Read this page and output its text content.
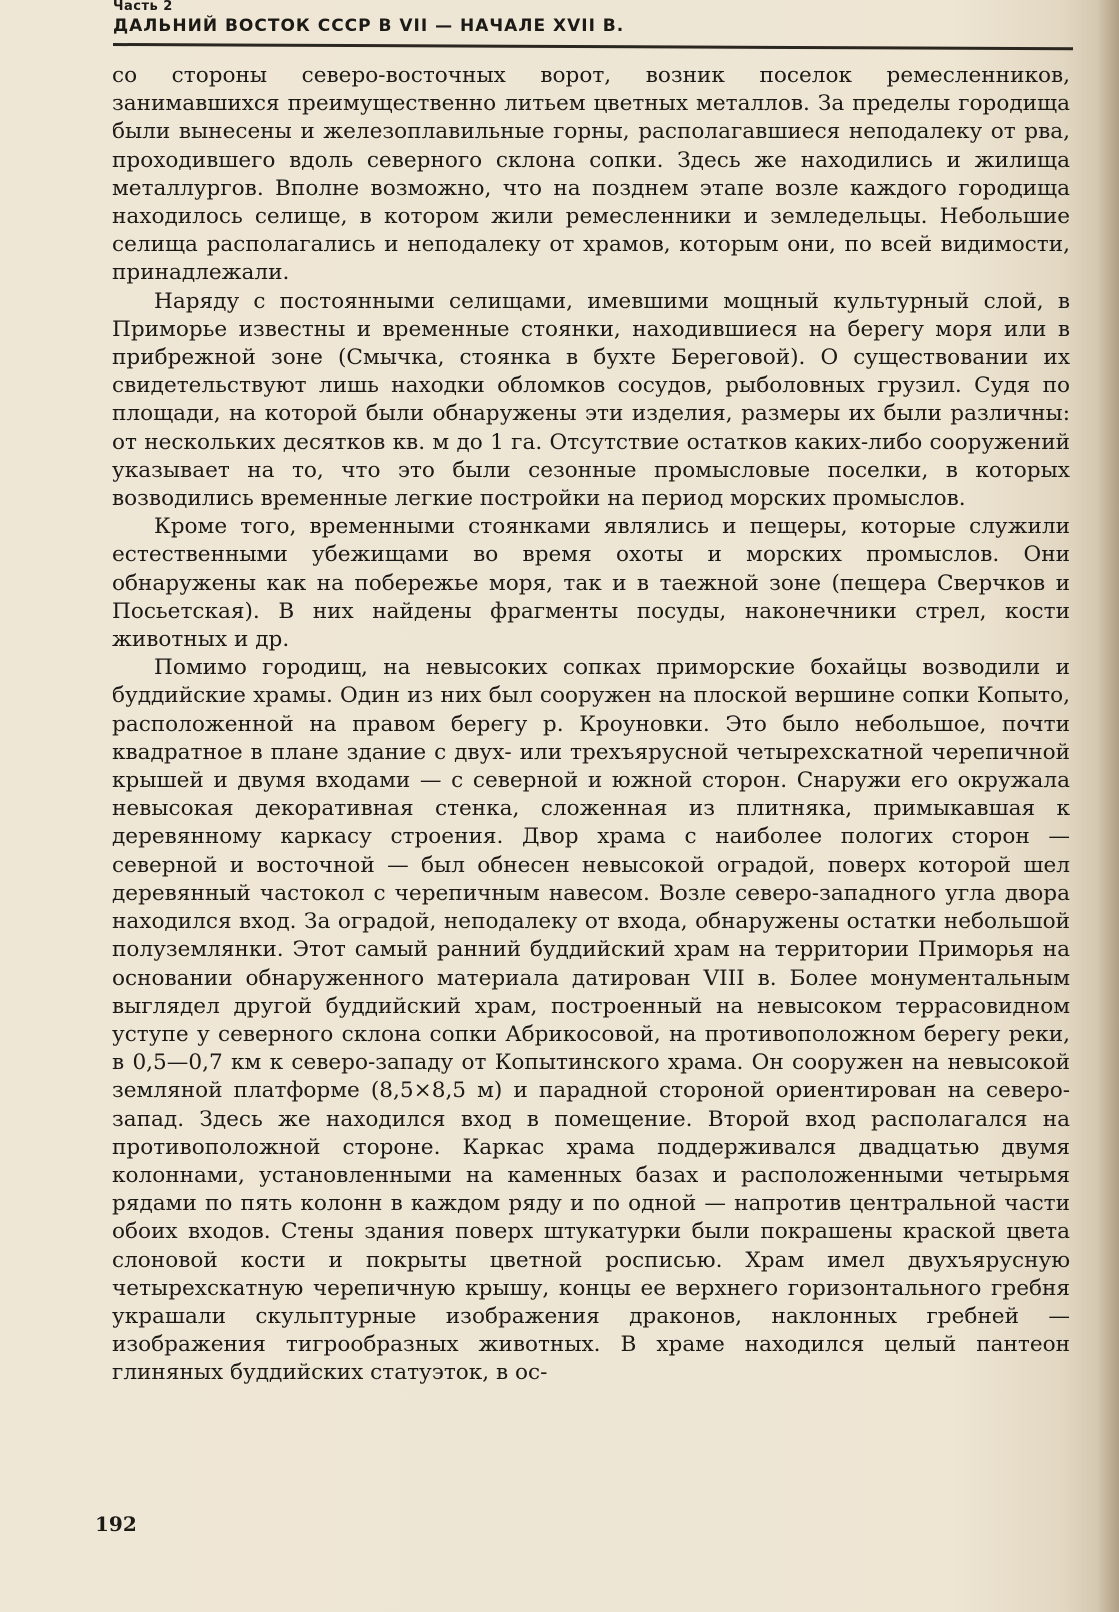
Часть 2

ДАЛЬНИЙ ВОСТОК СССР В VII — НАЧАЛЕ XVII В.

со стороны северо-восточных ворот, возник поселок ремесленников, занимавшихся преимущественно литьем цветных металлов. За пределы городища были вынесены и железоплавильные горны, располагавшиеся неподалеку от рва, проходившего вдоль северного склона сопки. Здесь же находились и жилища металлургов. Вполне возможно, что на позднем этапе возле каждого городища находилось селище, в котором жили ремесленники и земледельцы. Небольшие селища располагались и неподалеку от храмов, которым они, по всей видимости, принадлежали.

Наряду с постоянными селищами, имевшими мощный культурный слой, в Приморье известны и временные стоянки, находившиеся на берегу моря или в прибрежной зоне (Смычка, стоянка в бухте Береговой). О существовании их свидетельствуют лишь находки обломков сосудов, рыболовных грузил. Судя по площади, на которой были обнаружены эти изделия, размеры их были различны: от нескольких десятков кв. м до 1 га. Отсутствие остатков каких-либо сооружений указывает на то, что это были сезонные промысловые поселки, в которых возводились временные легкие постройки на период морских промыслов.

Кроме того, временными стоянками являлись и пещеры, которые служили естественными убежищами во время охоты и морских промыслов. Они обнаружены как на побережье моря, так и в таежной зоне (пещера Сверчков и Посьетская). В них найдены фрагменты посуды, наконечники стрел, кости животных и др.

Помимо городищ, на невысоких сопках приморские бохайцы возводили и буддийские храмы. Один из них был сооружен на плоской вершине сопки Копыто, расположенной на правом берегу р. Кроуновки. Это было небольшое, почти квадратное в плане здание с двух- или трехъярусной четырехскатной черепичной крышей и двумя входами — с северной и южной сторон. Снаружи его окружала невысокая декоративная стенка, сложенная из плитняка, примыкавшая к деревянному каркасу строения. Двор храма с наиболее пологих сторон — северной и восточной — был обнесен невысокой оградой, поверх которой шел деревянный частокол с черепичным навесом. Возле северо-западного угла двора находился вход. За оградой, неподалеку от входа, обнаружены остатки небольшой полуземлянки. Этот самый ранний буддийский храм на территории Приморья на основании обнаруженного материала датирован VIII в. Более монументальным выглядел другой буддийский храм, построенный на невысоком террасовидном уступе у северного склона сопки Абрикосовой, на противоположном берегу реки, в 0,5—0,7 км к северо-западу от Копытинского храма. Он сооружен на невысокой земляной платформе (8,5×8,5 м) и парадной стороной ориентирован на северо-запад. Здесь же находился вход в помещение. Второй вход располагался на противоположной стороне. Каркас храма поддерживался двадцатью двумя колоннами, установленными на каменных базах и расположенными четырьмя рядами по пять колонн в каждом ряду и по одной — напротив центральной части обоих входов. Стены здания поверх штукатурки были покрашены краской цвета слоновой кости и покрыты цветной росписью. Храм имел двухъярусную четырехскатную черепичную крышу, концы ее верхнего горизонтального гребня украшали скульптурные изображения драконов, наклонных гребней — изображения тигрообразных животных. В храме находился целый пантеон глиняных буддийских статуэток, в ос-

192
